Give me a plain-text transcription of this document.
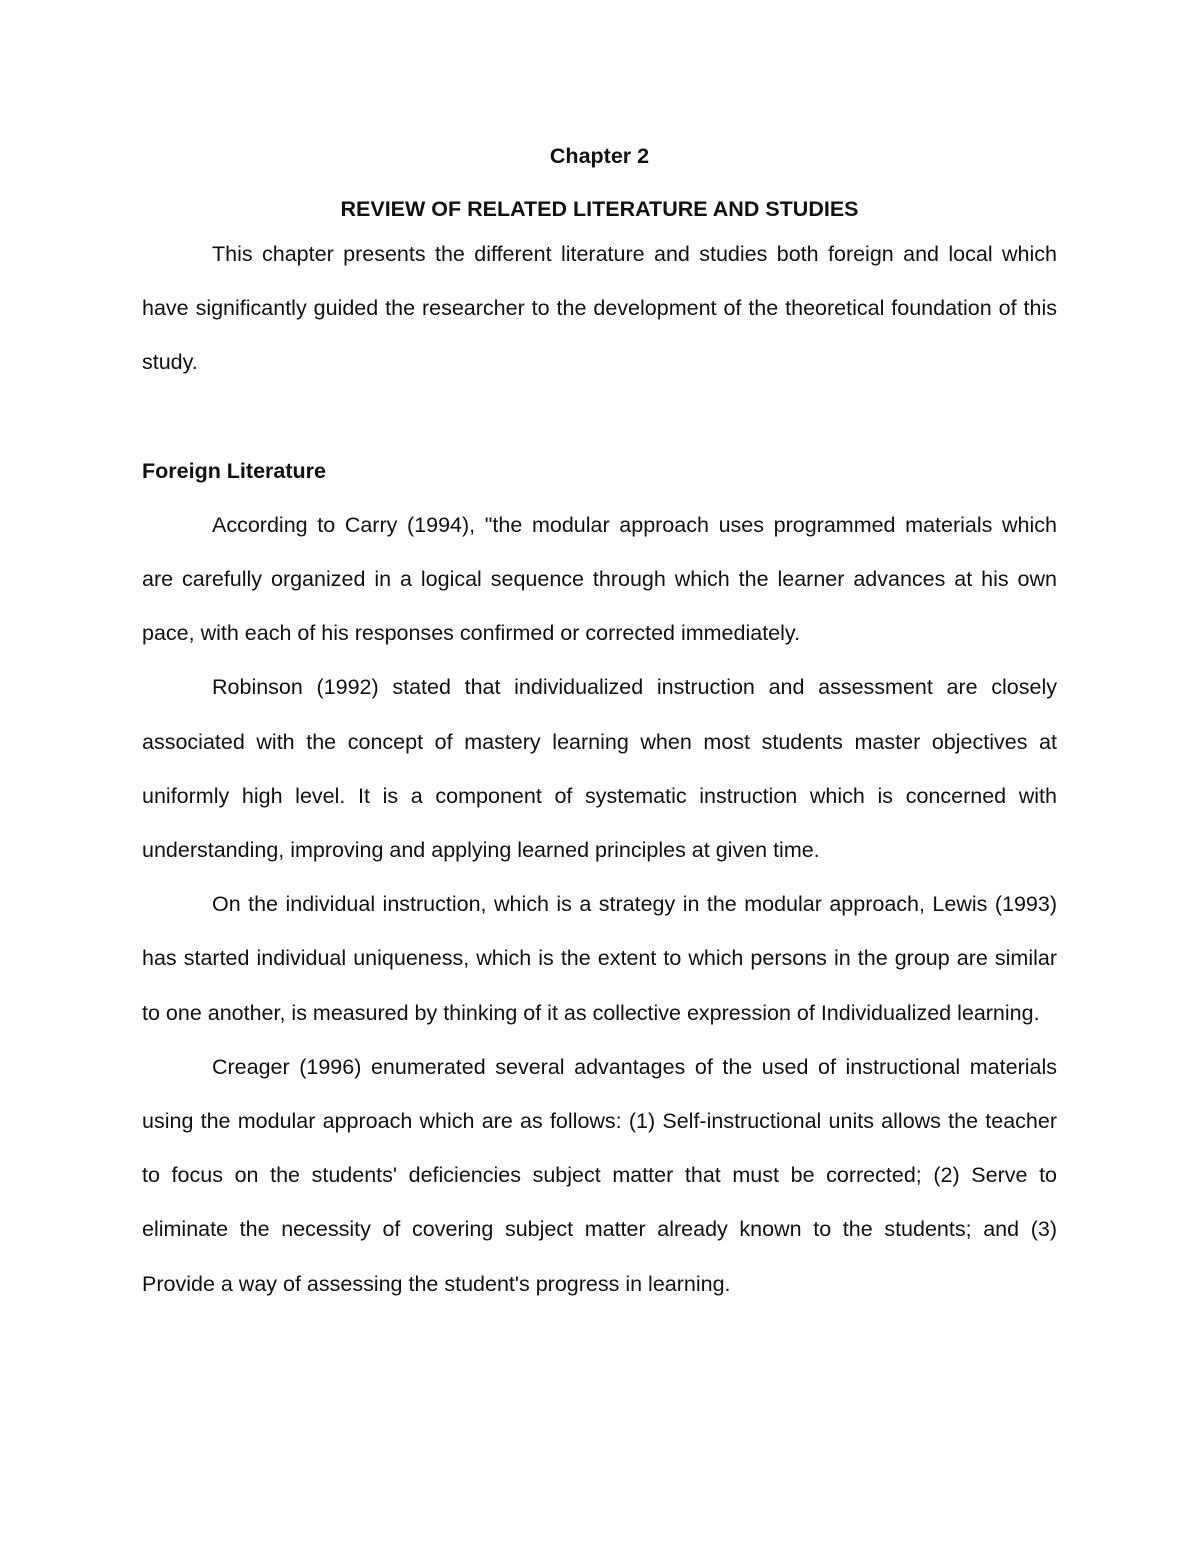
Chapter 2
REVIEW OF RELATED LITERATURE AND STUDIES

This chapter presents the different literature and studies both foreign and local which have significantly guided the researcher to the development of the theoretical foundation of this study.

Foreign Literature

According to Carry (1994), "the modular approach uses programmed materials which are carefully organized in a logical sequence through which the learner advances at his own pace, with each of his responses confirmed or corrected immediately.

Robinson (1992) stated that individualized instruction and assessment are closely associated with the concept of mastery learning when most students master objectives at uniformly high level. It is a component of systematic instruction which is concerned with understanding, improving and applying learned principles at given time.

On the individual instruction, which is a strategy in the modular approach, Lewis (1993) has started individual uniqueness, which is the extent to which persons in the group are similar to one another, is measured by thinking of it as collective expression of Individualized learning.

Creager (1996) enumerated several advantages of the used of instructional materials using the modular approach which are as follows: (1) Self-instructional units allows the teacher to focus on the students' deficiencies subject matter that must be corrected; (2) Serve to eliminate the necessity of covering subject matter already known to the students; and (3) Provide a way of assessing the student's progress in learning.
